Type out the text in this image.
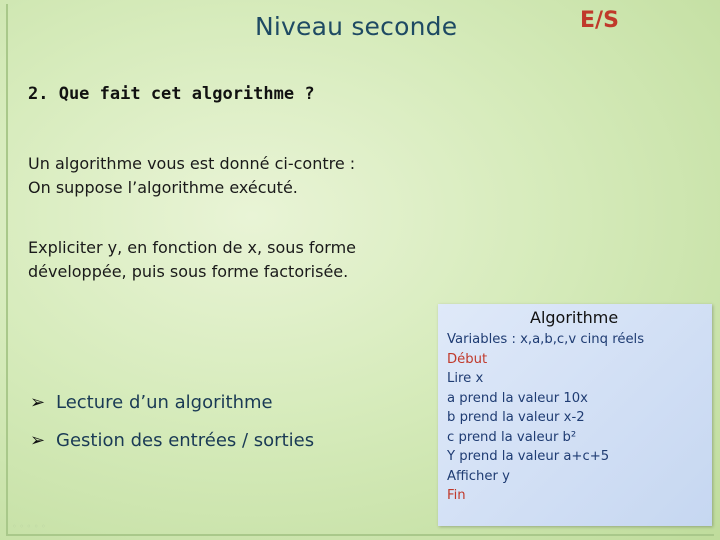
Niveau seconde	E/S
2. Que fait cet algorithme ?
Un algorithme vous est donné ci-contre :
On suppose l’algorithme exécuté.
Expliciter y, en fonction de x, sous forme
développée, puis sous forme factorisée.
➢ Lecture d’un algorithme
➢ Gestion des entrées / sorties
Algorithme
Variables : x,a,b,c,v cinq réels
Début
Lire x
a prend la valeur 10x
b prend la valeur x-2
c prend la valeur b²
Y prend la valeur a+c+5
Afficher y
Fin
◦ ◦ ◦ ◦ ◦
